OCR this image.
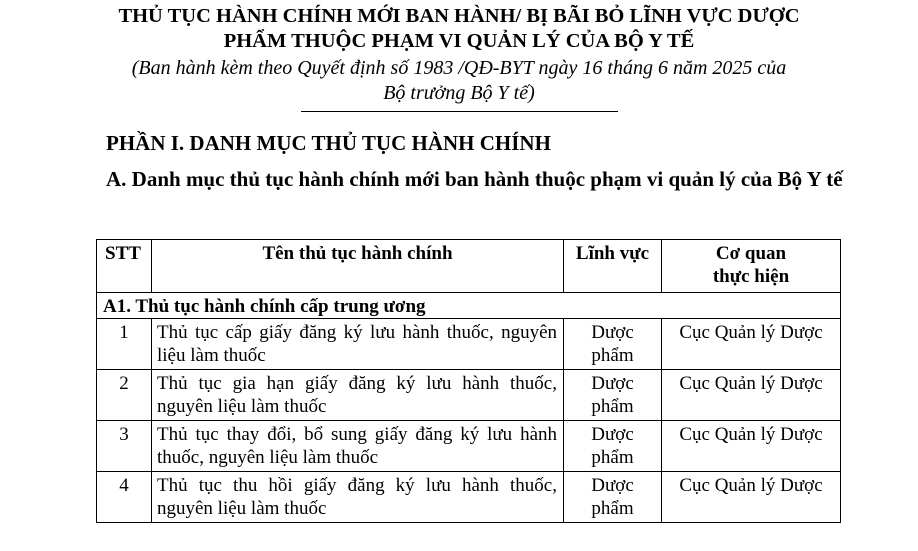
THỦ TỤC HÀNH CHÍNH MỚI BAN HÀNH/ BỊ BÃI BỎ LĨNH VỰC DƯỢC
PHẨM THUỘC PHẠM VI QUẢN LÝ CỦA BỘ Y TẾ
(Ban hành kèm theo Quyết định số 1983 /QĐ-BYT ngày 16 tháng 6 năm 2025 của
Bộ trưởng Bộ Y tế)
PHẦN I. DANH MỤC THỦ TỤC HÀNH CHÍNH
A. Danh mục thủ tục hành chính mới ban hành thuộc phạm vi quản lý của Bộ Y tế
STT	Tên thủ tục hành chính	Lĩnh vực	Cơ quan
thực hiện

A1. Thủ tục hành chính cấp trung ương			
1	Thủ tục cấp giấy đăng ký lưu hành thuốc, nguyên liệu làm thuốc	Dược phẩm	Cục Quản lý Dược
2	Thủ tục gia hạn giấy đăng ký lưu hành thuốc, nguyên liệu làm thuốc	Dược phẩm	Cục Quản lý Dược
3	Thủ tục thay đổi, bổ sung giấy đăng ký lưu hành thuốc, nguyên liệu làm thuốc	Dược phẩm	Cục Quản lý Dược
4	Thủ tục thu hồi giấy đăng ký lưu hành thuốc, nguyên liệu làm thuốc	Dược phẩm	Cục Quản lý Dược
